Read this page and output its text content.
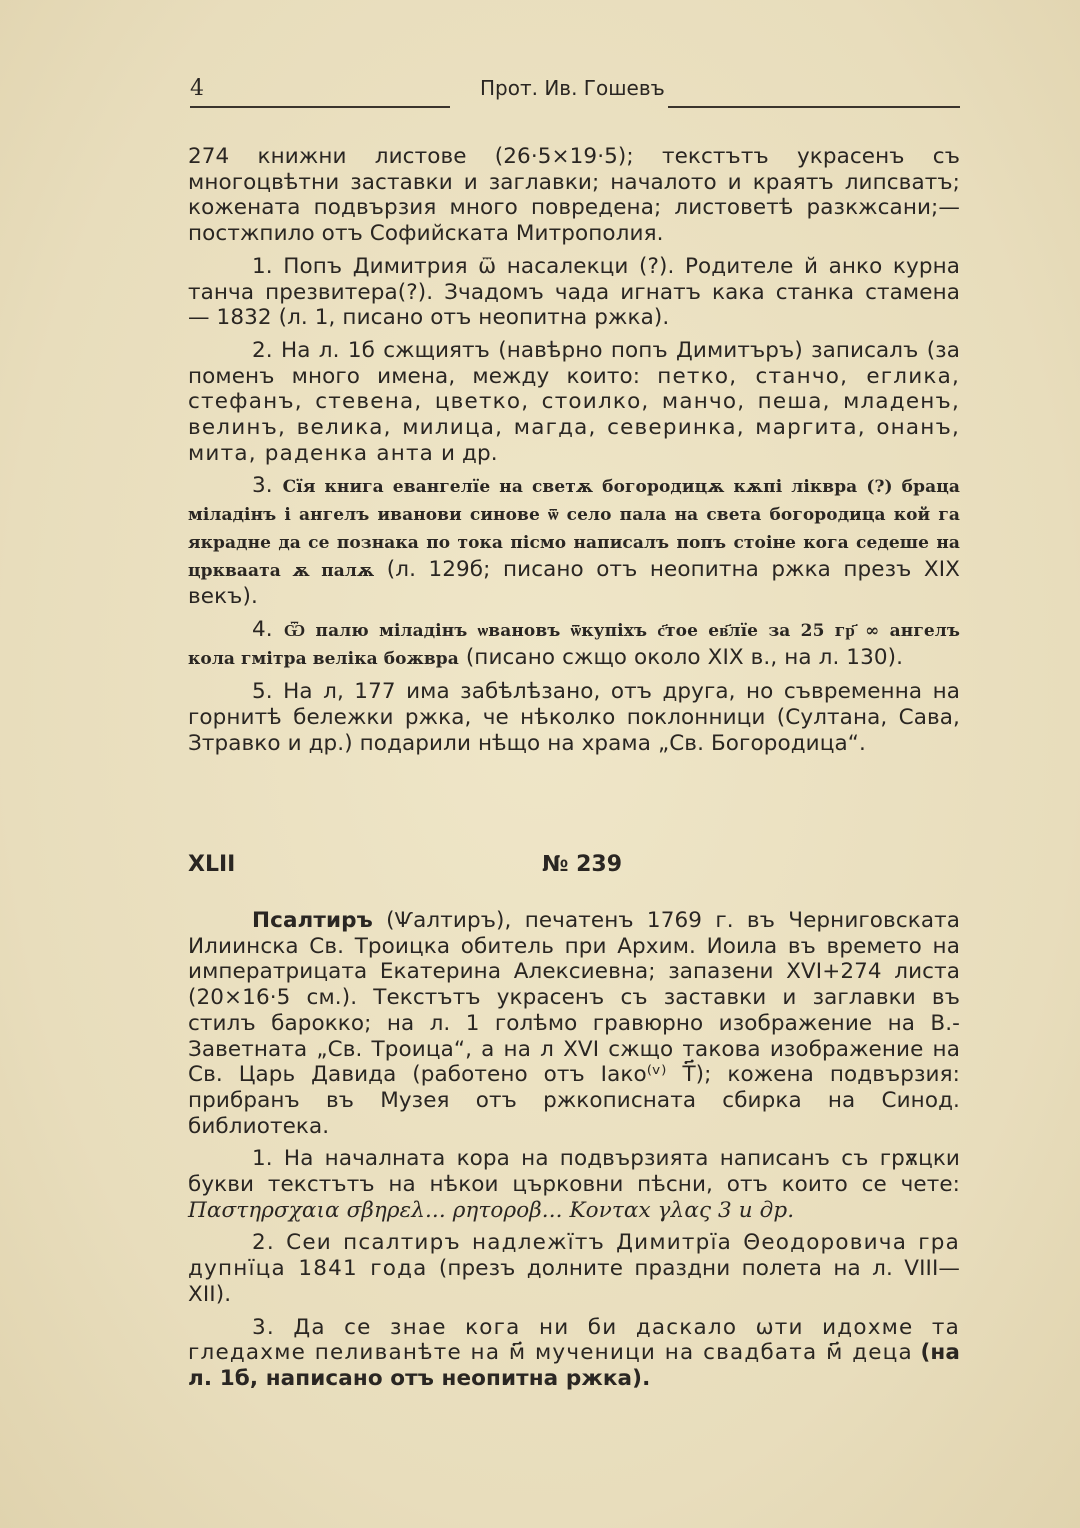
4	Прот. Ив. Гошевъ

274 книжни листове (26·5×19·5); текстътъ украсенъ съ многоцвѣтни заставки и заглавки; началото и краятъ липсватъ; кожената подвързия много повредена; листоветѣ разкжсани;— постжпило отъ Софийската Митрополия.

1. Попъ Димитрия ѿ насалекци (?). Родителе й анко курна танча презвитера(?). Зчадомъ чада игнатъ кака станка стамена — 1832 (л. 1, писано отъ неопитна ржка).

2. На л. 1б сжщиятъ (навѣрно попъ Димитъръ) записалъ (за поменъ много имена, между които: петко, станчо, еглика, стефанъ, стевена, цветко, стоилко, манчо, пеша, младенъ, велинъ, велика, милица, магда, северинка, маргита, онанъ, мита, раденка анта и др.

3. Сїя книга евангелїе на светѫ богородицѫ кѫпі ліквра (?) браца міладінъ і ангелъ иванови синове ѿ село пала на света богородица кой га якрадне да се познака по тока пісмо написалъ попъ стоіне кога седеше на цркваата ѫ палѫ (л. 129б; писано отъ неопитна ржка презъ XIX векъ).

4. Ѿ палю міладінъ ѡвановъ ѿкупіхъ с҃тое ев҃лїе за 25 гр҃ ∞ ангелъ кола гмітра веліка божвра (писано сжщо около XIX в., на л. 130).

5. На л, 177 има забѣлѣзано, отъ друга, но съвременна на горнитѣ бележки ржка, че нѣколко поклонници (Султана, Сава, Зтравко и др.) подарили нѣщо на храма „Св. Богородица“.

XLII	№ 239

Псалтиръ (Ѱалтиръ), печатенъ 1769 г. въ Черниговската Илиинска Св. Троицка обитель при Архим. Иоила въ времето на императрицата Екатерина Алексиевна; запазени XVI+274 листа (20×16·5 см.). Текстътъ украсенъ съ заставки и заглавки въ стилъ барокко; на л. 1 голѣмо гравюрно изображение на В.-Заветната „Св. Троица“, а на л XVI сжщо такова изображение на Св. Царь Давида (работено отъ Іако⁽ᵛ⁾ Т҃); кожена подвързия: прибранъ въ Музея отъ ржкописната сбирка на Синод. библиотека.

1. На началната кора на подвързията написанъ съ грѫцки букви текстътъ на нѣкои църковни пѣсни, отъ които се чете: Παστηρσχαια σβηρελ... ρητοροβ... Κονταx γλας 3 и др.

2. Сеи псалтиръ надлежїтъ Димитрїа Θеодоровича гра дупнїца 1841 года (презъ долните праздни полета на л. VIII—XII).

3. Да се знае кога ни би даскало ѡти идохме та гледахме пеливанѣте на м҃ мученици на свадбата м҃ деца (на л. 1б, написано отъ неопитна ржка).
